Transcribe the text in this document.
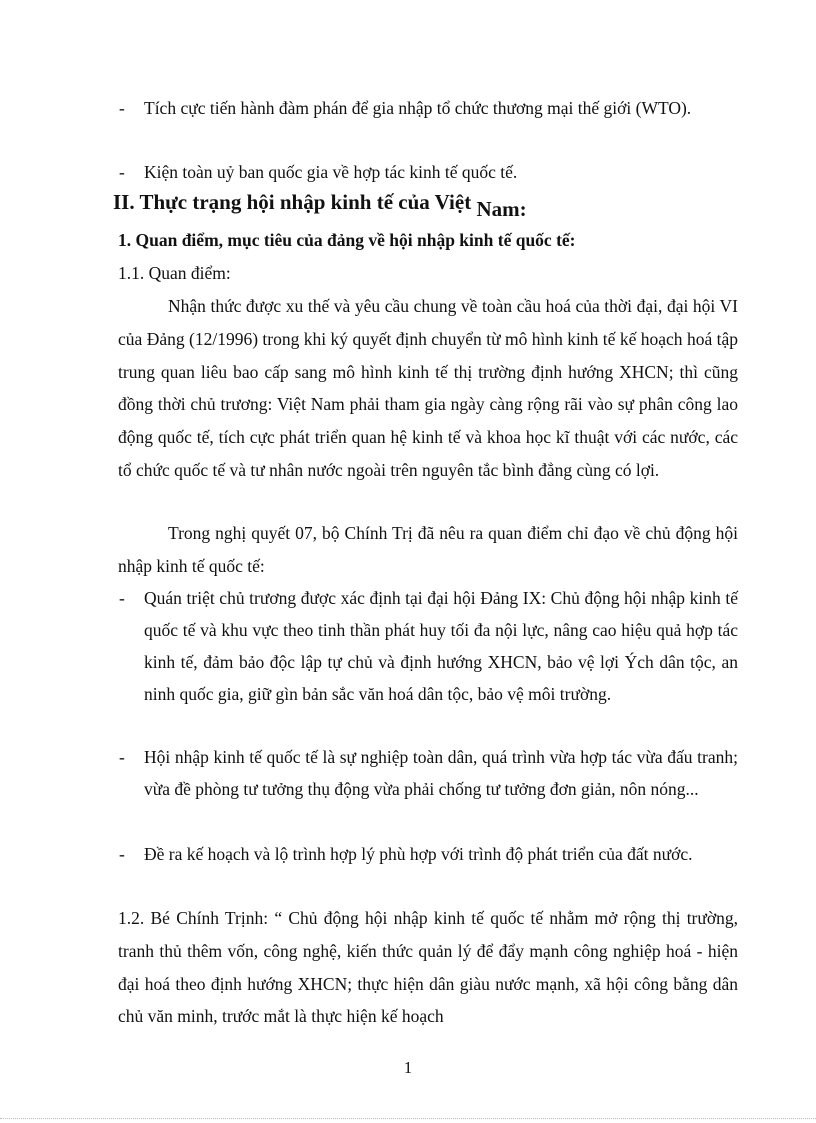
- Tích cực tiến hành đàm phán để gia nhập tổ chức thương mại thế giới (WTO).
- Kiện toàn uỷ ban quốc gia về hợp tác kinh tế quốc tế.
II. Thực trạng hội nhập kinh tế của Việt Nam:
1. Quan điểm, mục tiêu của đảng về hội nhập kinh tế quốc tế:
1.1. Quan điểm:
Nhận thức được xu thế và yêu cầu chung về toàn cầu hoá của thời đại, đại hội VI của Đảng (12/1996) trong khi ký quyết định chuyển từ mô hình kinh tế kế hoạch hoá tập trung quan liêu bao cấp sang mô hình kinh tế thị trường định hướng XHCN; thì cũng đồng thời chủ trương: Việt Nam phải tham gia ngày càng rộng rãi vào sự phân công lao động quốc tế, tích cực phát triển quan hệ kinh tế và khoa học kĩ thuật với các nước, các tổ chức quốc tế và tư nhân nước ngoài trên nguyên tắc bình đẳng cùng có lợi.
Trong nghị quyết 07, bộ Chính Trị đã nêu ra quan điểm chỉ đạo về chủ động hội nhập kinh tế quốc tế:
- Quán triệt chủ trương được xác định tại đại hội Đảng IX: Chủ động hội nhập kinh tế quốc tế và khu vực theo tinh thần phát huy tối đa nội lực, nâng cao hiệu quả hợp tác kinh tế, đảm bảo độc lập tự chủ và định hướng XHCN, bảo vệ lợi Ých dân tộc, an ninh quốc gia, giữ gìn bản sắc văn hoá dân tộc, bảo vệ môi trường.
- Hội nhập kinh tế quốc tế là sự nghiệp toàn dân, quá trình vừa hợp tác vừa đấu tranh; vừa đề phòng tư tưởng thụ động vừa phải chống tư tưởng đơn giản, nôn nóng...
- Đề ra kế hoạch và lộ trình hợp lý phù hợp với trình độ phát triển của đất nước.
1.2. Bé Chính Trịnh: “ Chủ động hội nhập kinh tế quốc tế nhằm mở rộng thị trường, tranh thủ thêm vốn, công nghệ, kiến thức quản lý để đẩy mạnh công nghiệp hoá - hiện đại hoá theo định hướng XHCN; thực hiện dân giàu nước mạnh, xã hội công bằng dân chủ văn minh, trước mắt là thực hiện kế hoạch
1
